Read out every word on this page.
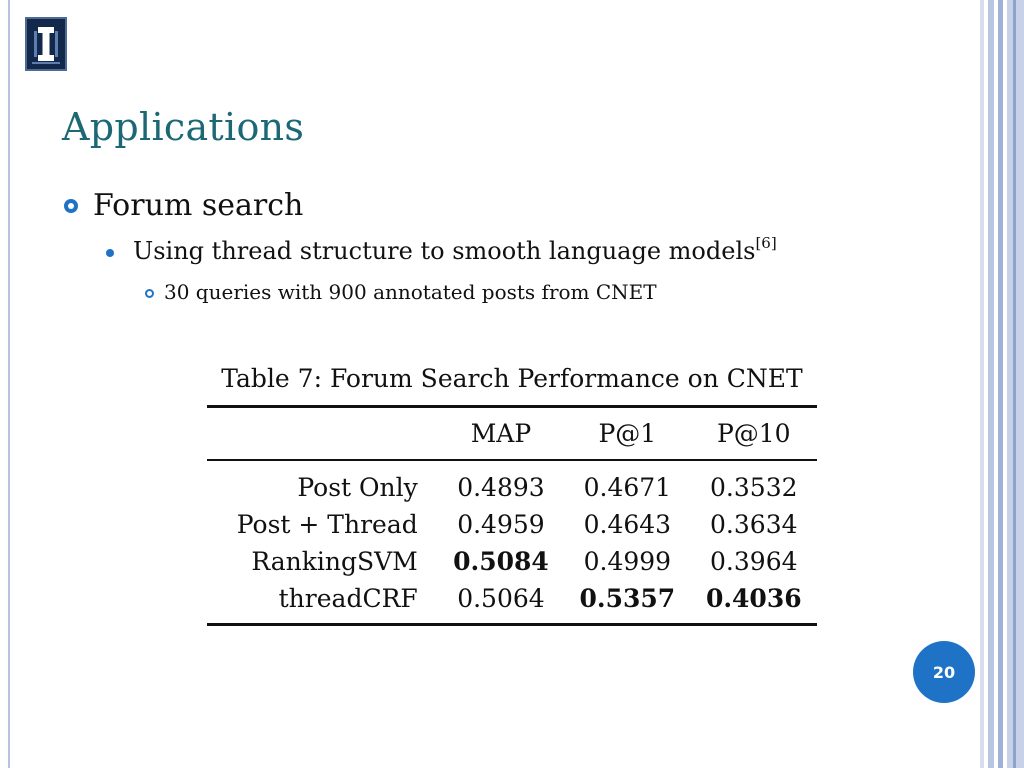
Applications
Forum search
Using thread structure to smooth language models[6]
30 queries with 900 annotated posts from CNET
Table 7: Forum Search Performance on CNET
	MAP	P@1	P@10
Post Only	0.4893	0.4671	0.3532
Post + Thread	0.4959	0.4643	0.3634
RankingSVM	0.5084	0.4999	0.3964
threadCRF	0.5064	0.5357	0.4036
20
